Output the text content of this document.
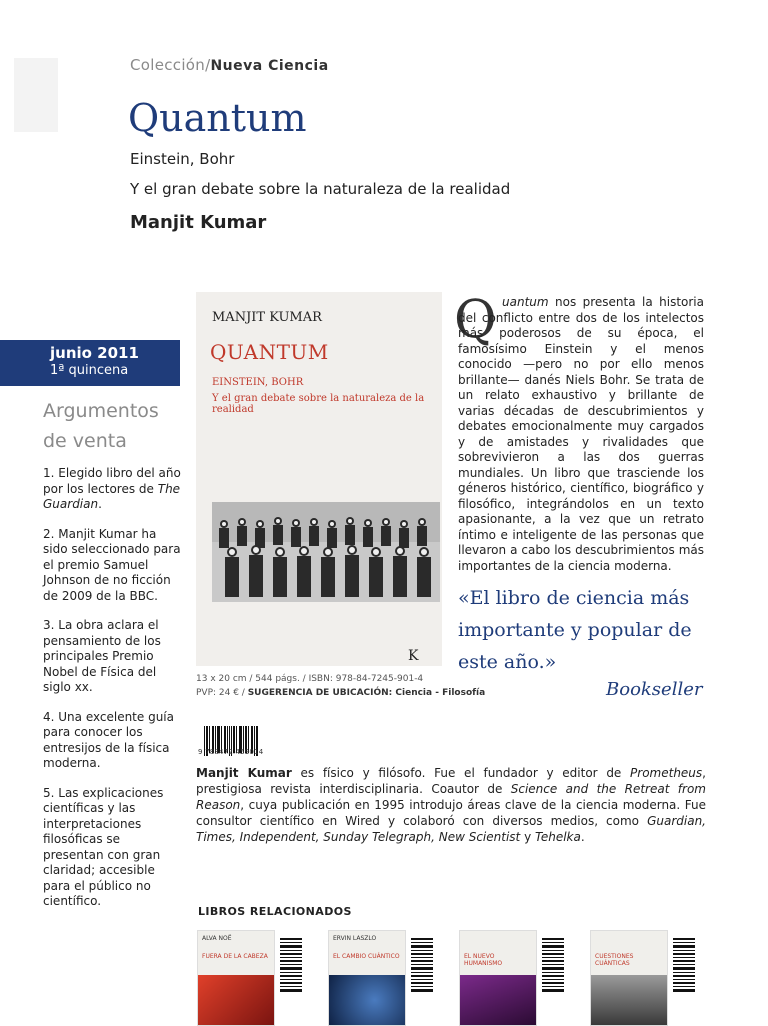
Colección/Nueva Ciencia
Quantum
Einstein, Bohr
Y el gran debate sobre la naturaleza de la realidad
Manjit Kumar
junio 2011
1ª quincena
Argumentos
de venta
1. Elegido libro del año por los lectores de The Guardian.
2. Manjit Kumar ha sido seleccionado para el premio Samuel Johnson de no ficción de 2009 de la BBC.
3. La obra aclara el pensamiento de los principales Premio Nobel de Física del siglo xx.
4. Una excelente guía para conocer los entresijos de la física moderna.
5. Las explicaciones científicas y las interpretaciones filosóficas se presentan con gran claridad; accesible para el público no científico.
MANJIT KUMAR
QUANTUM
EINSTEIN, BOHR
Y el gran debate sobre la naturaleza de la realidad
K
13 x 20 cm / 544 págs. / ISBN: 978-84-7245-901-4
PVP: 24 € / SUGERENCIA DE UBICACIÓN: Ciencia - Filosofía
9 788472 459014
Q uantum nos presenta la historia del conflicto entre dos de los intelectos más poderosos de su época, el famosísimo Einstein y el menos conocido —pero no por ello menos brillante— danés Niels Bohr. Se trata de un relato exhaustivo y brillante de varias décadas de descubrimientos y debates emocionalmente muy cargados y de amistades y rivalidades que sobrevivieron a las dos guerras mundiales. Un libro que trasciende los géneros histórico, científico, biográfico y filosófico, integrándolos en un texto apasionante, a la vez que un retrato íntimo e inteligente de las personas que llevaron a cabo los descubrimientos más importantes de la ciencia moderna.
«El libro de ciencia más importante y popular de este año.»
Bookseller
Manjit Kumar es físico y filósofo. Fue el fundador y editor de Prometheus, prestigiosa revista interdisciplinaria. Coautor de Science and the Retreat from Reason, cuya publicación en 1995 introdujo áreas clave de la ciencia moderna. Fue consultor científico en Wired y colaboró con diversos medios, como Guardian, Times, Independent, Sunday Telegraph, New Scientist y Tehelka.
LIBROS RELACIONADOS
ALVA NOË
FUERA DE LA CABEZA
ERVIN LASZLO
EL CAMBIO CUÁNTICO	EL NUEVO HUMANISMO
CUESTIONES CUÁNTICAS
